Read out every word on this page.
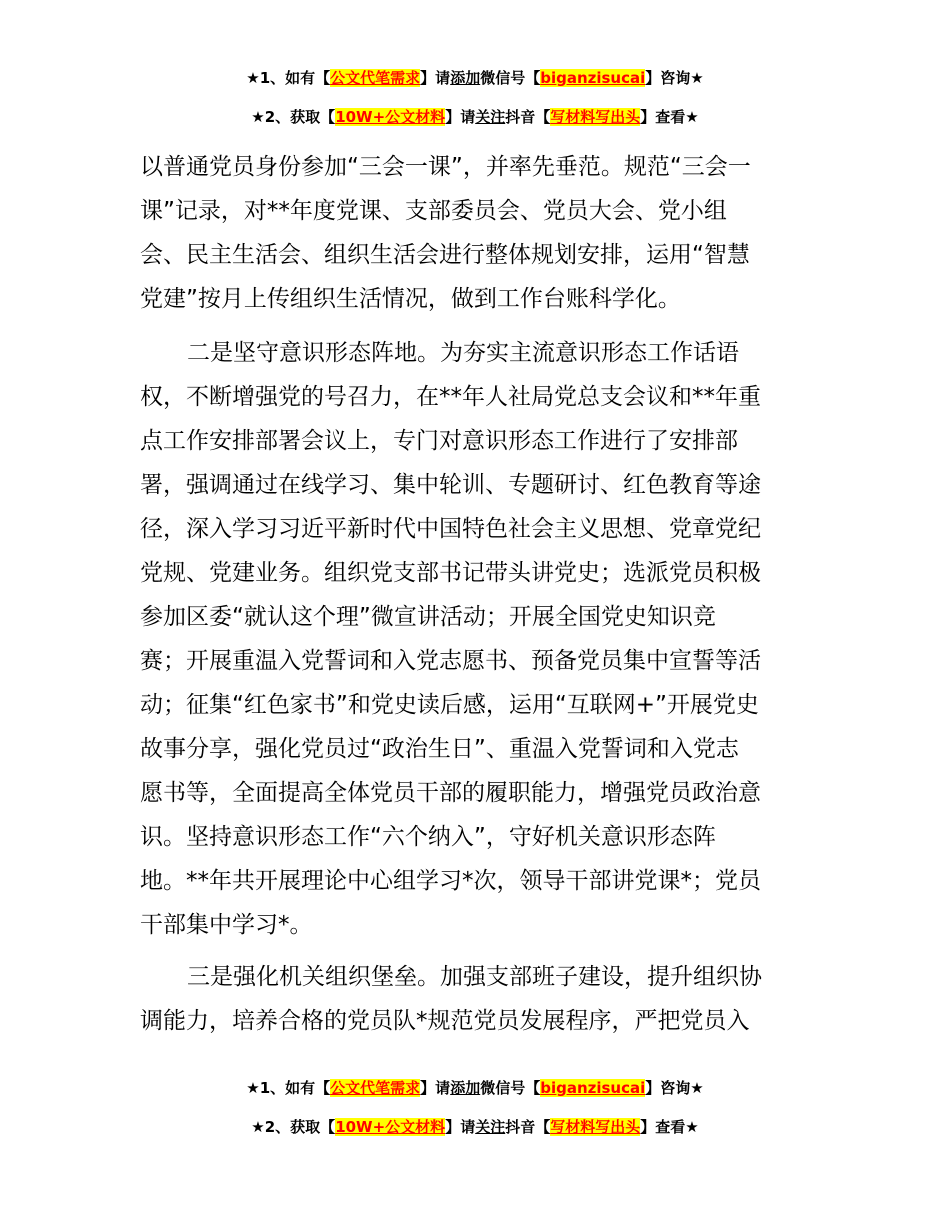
★1、如有【公文代笔需求】请添加微信号【biganzisucai】咨询★
★2、获取【10W+公文材料】请关注抖音【写材料写出头】查看★
以普通党员身份参加“三会一课”，并率先垂范。规范“三会一
课”记录，对**年度党课、支部委员会、党员大会、党小组
会、民主生活会、组织生活会进行整体规划安排，运用“智慧
党建”按月上传组织生活情况，做到工作台账科学化。
二是坚守意识形态阵地。为夯实主流意识形态工作话语
权，不断增强党的号召力，在**年人社局党总支会议和**年重
点工作安排部署会议上，专门对意识形态工作进行了安排部
署，强调通过在线学习、集中轮训、专题研讨、红色教育等途
径，深入学习习近平新时代中国特色社会主义思想、党章党纪
党规、党建业务。组织党支部书记带头讲党史；选派党员积极
参加区委“就认这个理”微宣讲活动；开展全国党史知识竞
赛；开展重温入党誓词和入党志愿书、预备党员集中宣誓等活
动；征集“红色家书”和党史读后感，运用“互联网+”开展党史
故事分享，强化党员过“政治生日”、重温入党誓词和入党志
愿书等，全面提高全体党员干部的履职能力，增强党员政治意
识。坚持意识形态工作“六个纳入”，守好机关意识形态阵
地。**年共开展理论中心组学习*次，领导干部讲党课*；党员
干部集中学习*。
三是强化机关组织堡垒。加强支部班子建设，提升组织协
调能力，培养合格的党员队*规范党员发展程序，严把党员入
★1、如有【公文代笔需求】请添加微信号【biganzisucai】咨询★
★2、获取【10W+公文材料】请关注抖音【写材料写出头】查看★
